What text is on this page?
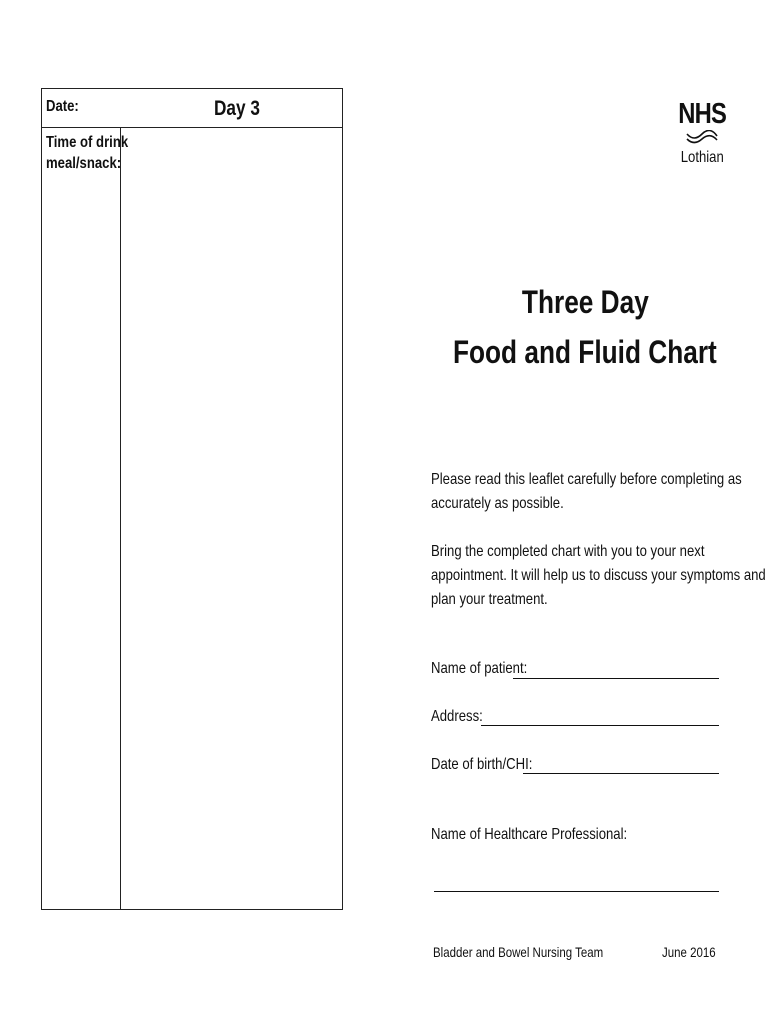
Date:	Day 3
Time of drink
meal/snack:
NHS
Lothian
Three Day
Food and Fluid Chart
Please read this leaflet carefully before completing as
accurately as possible.
Bring the completed chart with you to your next
appointment. It will help us to discuss your symptoms and
plan your treatment.
Name of patient:
Address:
Date of birth/CHI:
Name of Healthcare Professional:
Bladder and Bowel Nursing Team	June 2016
